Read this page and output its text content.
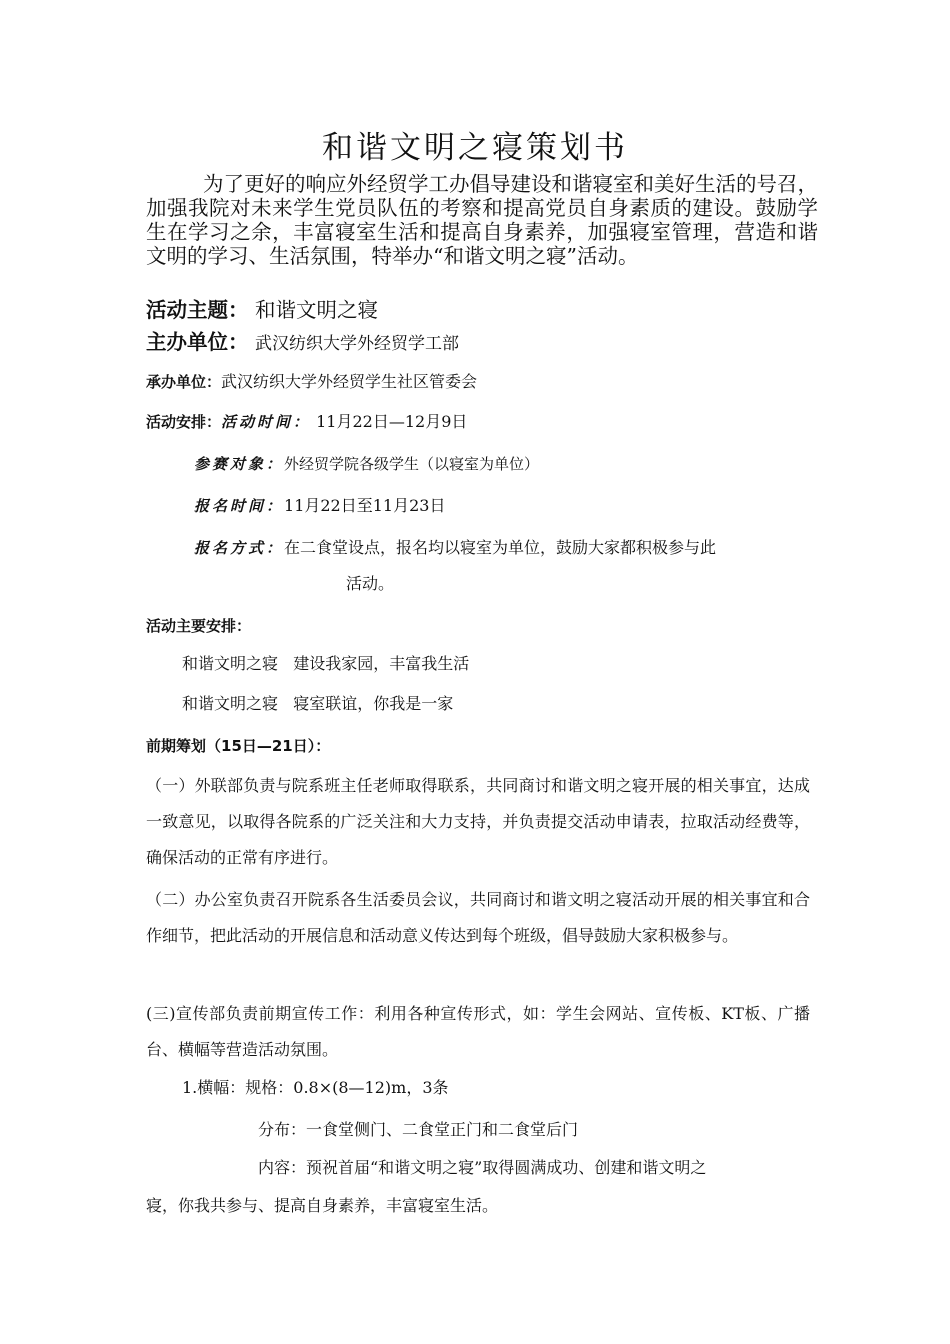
和谐文明之寝策划书
为了更好的响应外经贸学工办倡导建设和谐寝室和美好生活的号召，加强我院对未来学生党员队伍的考察和提高党员自身素质的建设。鼓励学生在学习之余，丰富寝室生活和提高自身素养，加强寝室管理，营造和谐文明的学习、生活氛围，特举办“和谐文明之寝”活动。
活动主题： 和谐文明之寝
主办单位： 武汉纺织大学外经贸学工部
承办单位：武汉纺织大学外经贸学生社区管委会
活动安排：活动时间： 11月22日—12月9日
参赛对象：外经贸学院各级学生（以寝室为单位）
报名时间：11月22日至11月23日
报名方式：在二食堂设点，报名均以寝室为单位，鼓励大家都积极参与此
活动。
活动主要安排：
和谐文明之寝   建设我家园，丰富我生活
和谐文明之寝   寝室联谊，你我是一家
前期筹划（15日—21日）：
（一）外联部负责与院系班主任老师取得联系，共同商讨和谐文明之寝开展的相关事宜，达成一致意见，以取得各院系的广泛关注和大力支持，并负责提交活动申请表，拉取活动经费等，确保活动的正常有序进行。
（二）办公室负责召开院系各生活委员会议，共同商讨和谐文明之寝活动开展的相关事宜和合作细节，把此活动的开展信息和活动意义传达到每个班级，倡导鼓励大家积极参与。
(三)宣传部负责前期宣传工作：利用各种宣传形式，如：学生会网站、宣传板、KT板、广播台、横幅等营造活动氛围。
1.横幅：规格：0.8×(8—12)m，3条
分布：一食堂侧门、二食堂正门和二食堂后门
内容：预祝首届“和谐文明之寝”取得圆满成功、创建和谐文明之
寝，你我共参与、提高自身素养，丰富寝室生活。
